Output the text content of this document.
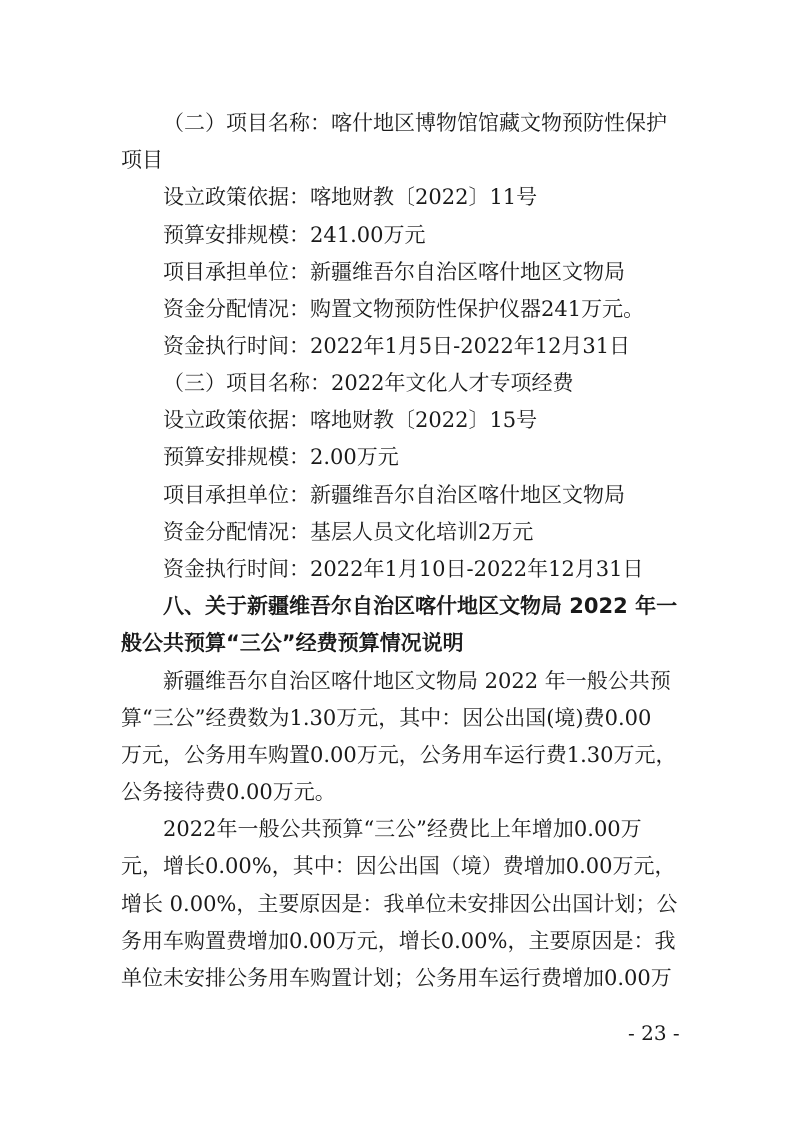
（二）项目名称：喀什地区博物馆馆藏文物预防性保护
项目
设立政策依据：喀地财教〔2022〕11号
预算安排规模：241.00万元
项目承担单位：新疆维吾尔自治区喀什地区文物局
资金分配情况：购置文物预防性保护仪器241万元。
资金执行时间：2022年1月5日-2022年12月31日
（三）项目名称：2022年文化人才专项经费
设立政策依据：喀地财教〔2022〕15号
预算安排规模：2.00万元
项目承担单位：新疆维吾尔自治区喀什地区文物局
资金分配情况：基层人员文化培训2万元
资金执行时间：2022年1月10日-2022年12月31日
八、关于新疆维吾尔自治区喀什地区文物局 2022 年一
般公共预算“三公”经费预算情况说明
新疆维吾尔自治区喀什地区文物局 2022 年一般公共预
算“三公”经费数为1.30万元，其中：因公出国(境)费0.00
万元，公务用车购置0.00万元，公务用车运行费1.30万元，
公务接待费0.00万元。
2022年一般公共预算“三公”经费比上年增加0.00万
元，增长0.00%，其中：因公出国（境）费增加0.00万元，
增长 0.00%，主要原因是：我单位未安排因公出国计划；公
务用车购置费增加0.00万元，增长0.00%，主要原因是：我
单位未安排公务用车购置计划；公务用车运行费增加0.00万
- 23 -
